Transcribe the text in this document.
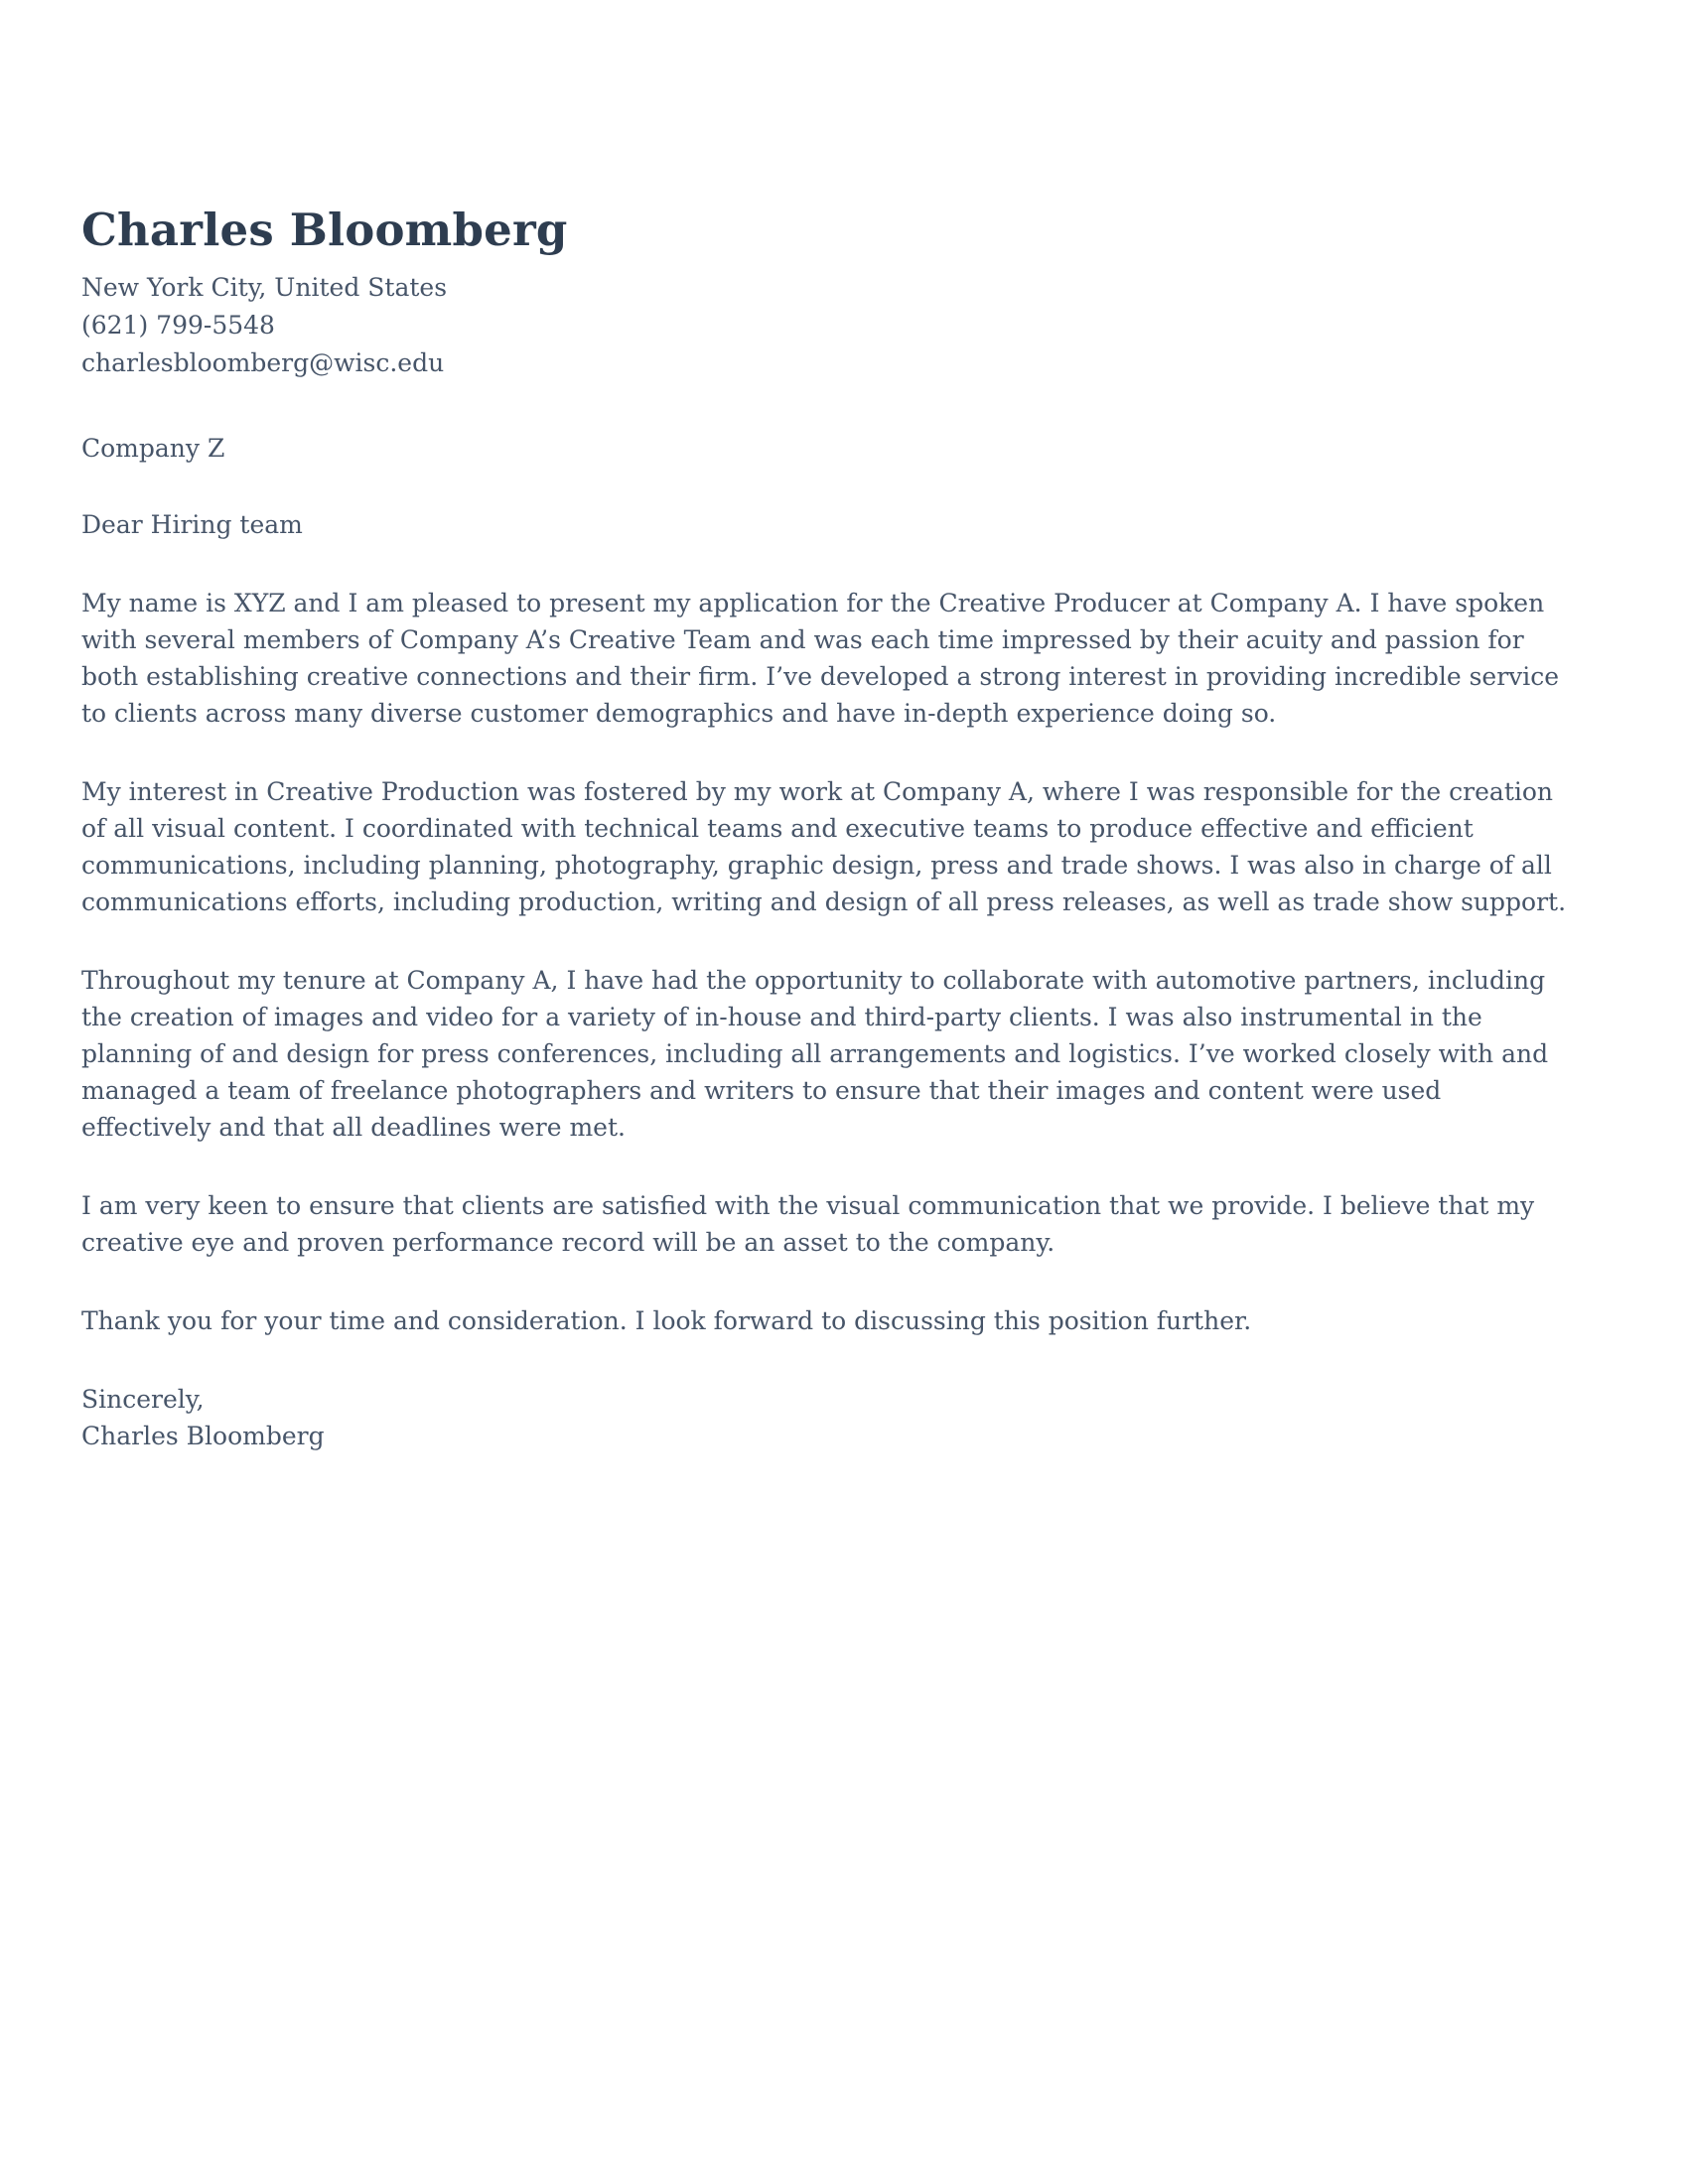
Charles Bloomberg
New York City, United States
(621) 799-5548
charlesbloomberg@wisc.edu
Company Z
Dear Hiring team

My name is XYZ and I am pleased to present my application for the Creative Producer at Company A. I have spoken with several members of Company A’s Creative Team and was each time impressed by their acuity and passion for both establishing creative connections and their firm. I’ve developed a strong interest in providing incredible service to clients across many diverse customer demographics and have in-depth experience doing so.

My interest in Creative Production was fostered by my work at Company A, where I was responsible for the creation of all visual content. I coordinated with technical teams and executive teams to produce effective and efficient communications, including planning, photography, graphic design, press and trade shows. I was also in charge of all communications efforts, including production, writing and design of all press releases, as well as trade show support.

Throughout my tenure at Company A, I have had the opportunity to collaborate with automotive partners, including the creation of images and video for a variety of in-house and third-party clients. I was also instrumental in the planning of and design for press conferences, including all arrangements and logistics. I’ve worked closely with and managed a team of freelance photographers and writers to ensure that their images and content were used effectively and that all deadlines were met.

I am very keen to ensure that clients are satisfied with the visual communication that we provide. I believe that my creative eye and proven performance record will be an asset to the company.

Thank you for your time and consideration. I look forward to discussing this position further.

Sincerely,
Charles Bloomberg
